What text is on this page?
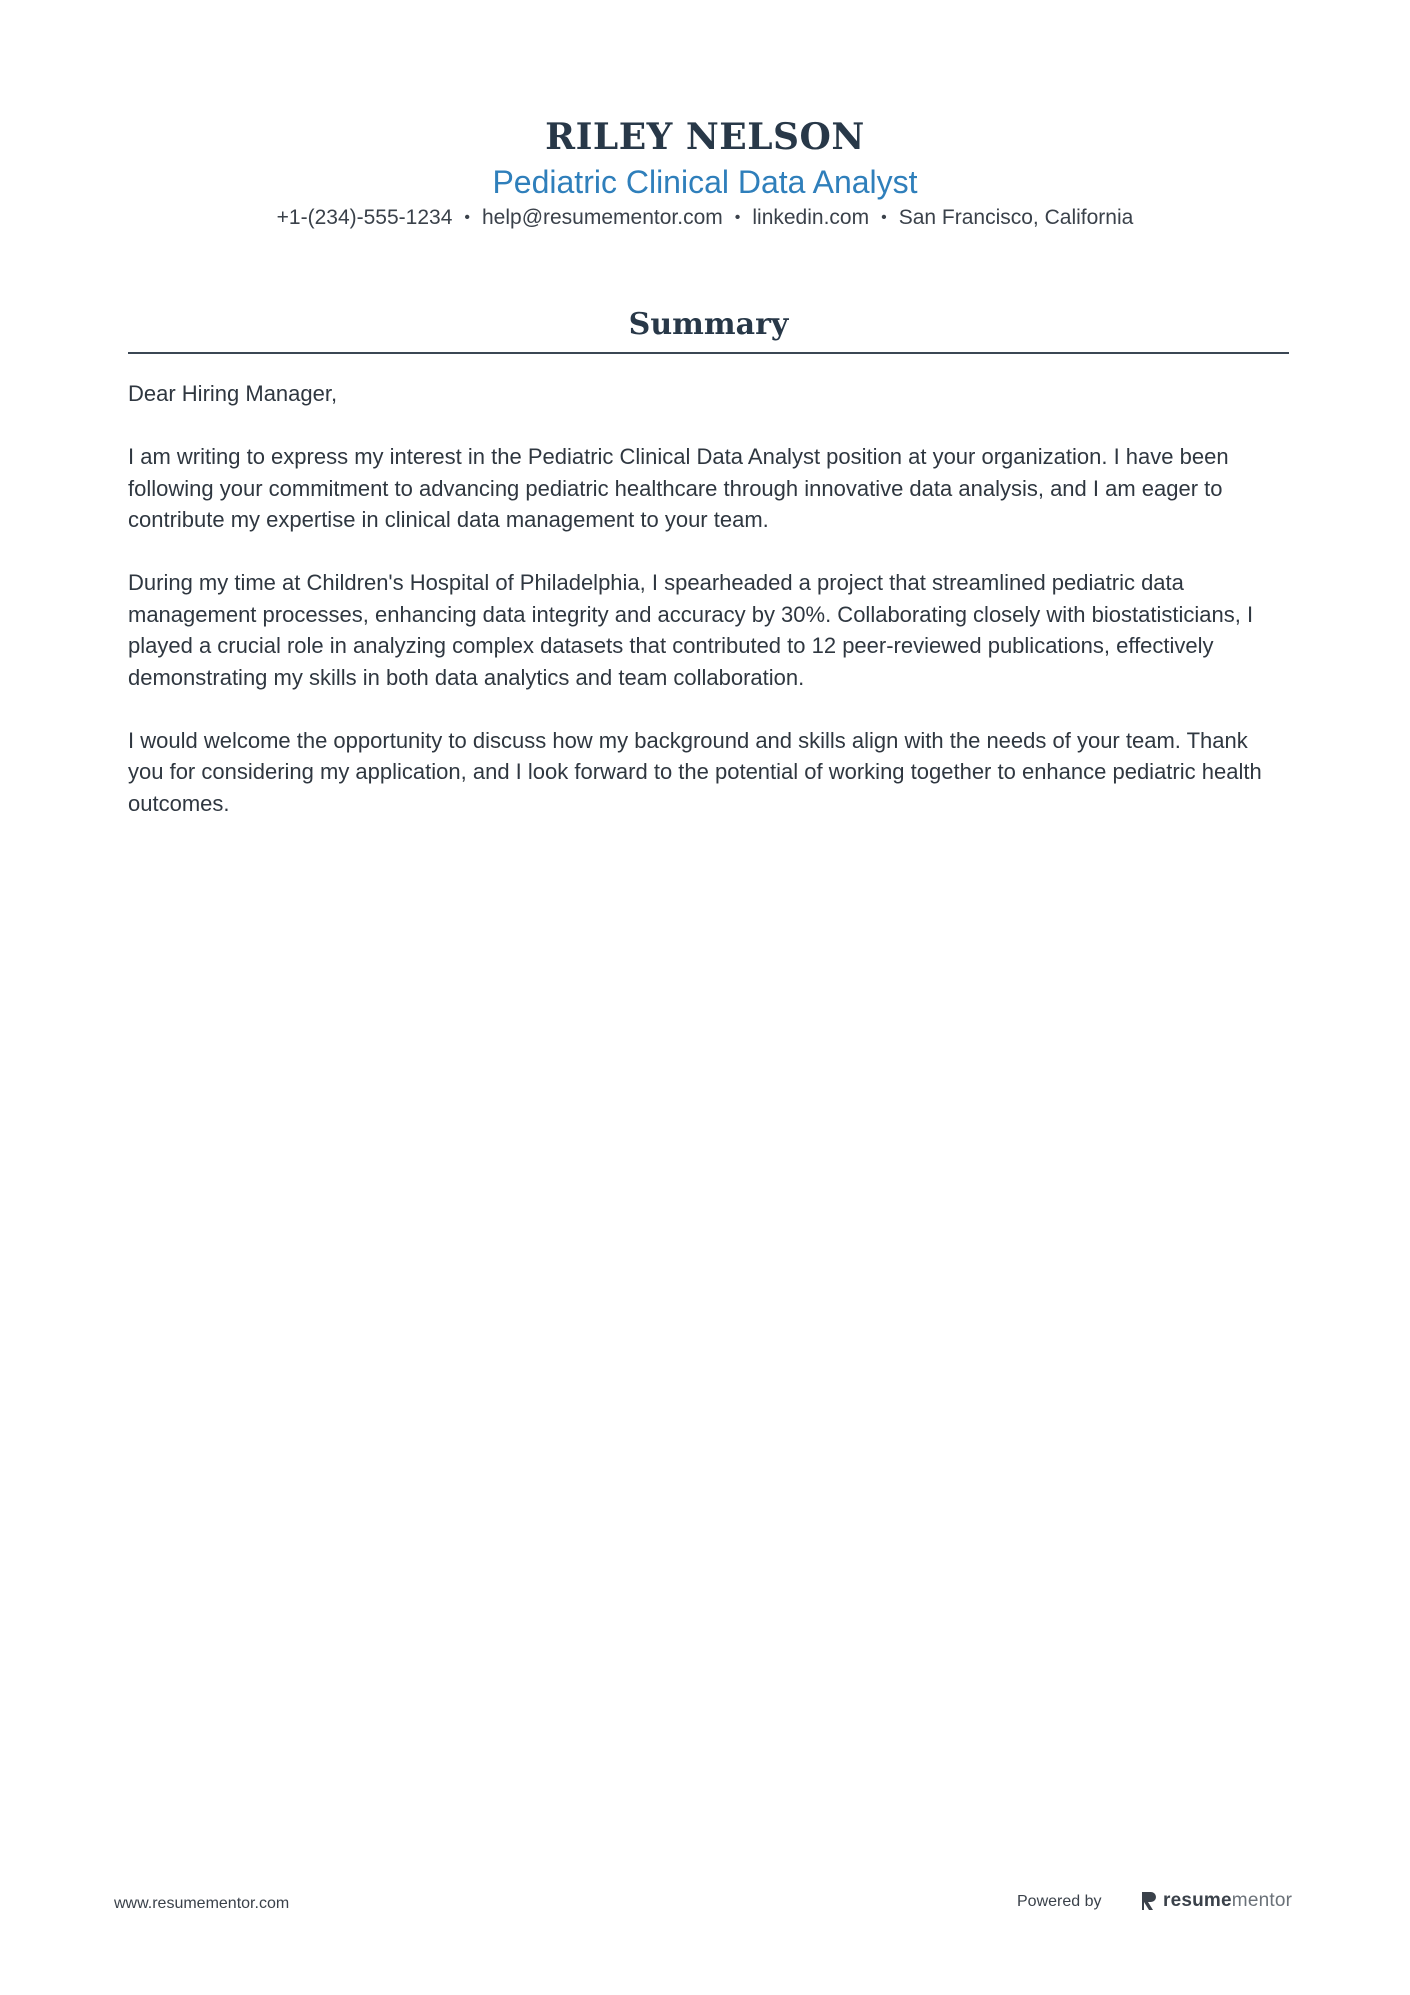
RILEY NELSON

Pediatric Clinical Data Analyst

+1-(234)-555-1234 • help@resumementor.com • linkedin.com • San Francisco, California

Summary

Dear Hiring Manager,

I am writing to express my interest in the Pediatric Clinical Data Analyst position at your organization. I have been following your commitment to advancing pediatric healthcare through innovative data analysis, and I am eager to contribute my expertise in clinical data management to your team.

During my time at Children's Hospital of Philadelphia, I spearheaded a project that streamlined pediatric data management processes, enhancing data integrity and accuracy by 30%. Collaborating closely with biostatisticians, I played a crucial role in analyzing complex datasets that contributed to 12 peer-reviewed publications, effectively demonstrating my skills in both data analytics and team collaboration.

I would welcome the opportunity to discuss how my background and skills align with the needs of your team. Thank you for considering my application, and I look forward to the potential of working together to enhance pediatric health outcomes.

www.resumementor.com	Powered by	resumementor
